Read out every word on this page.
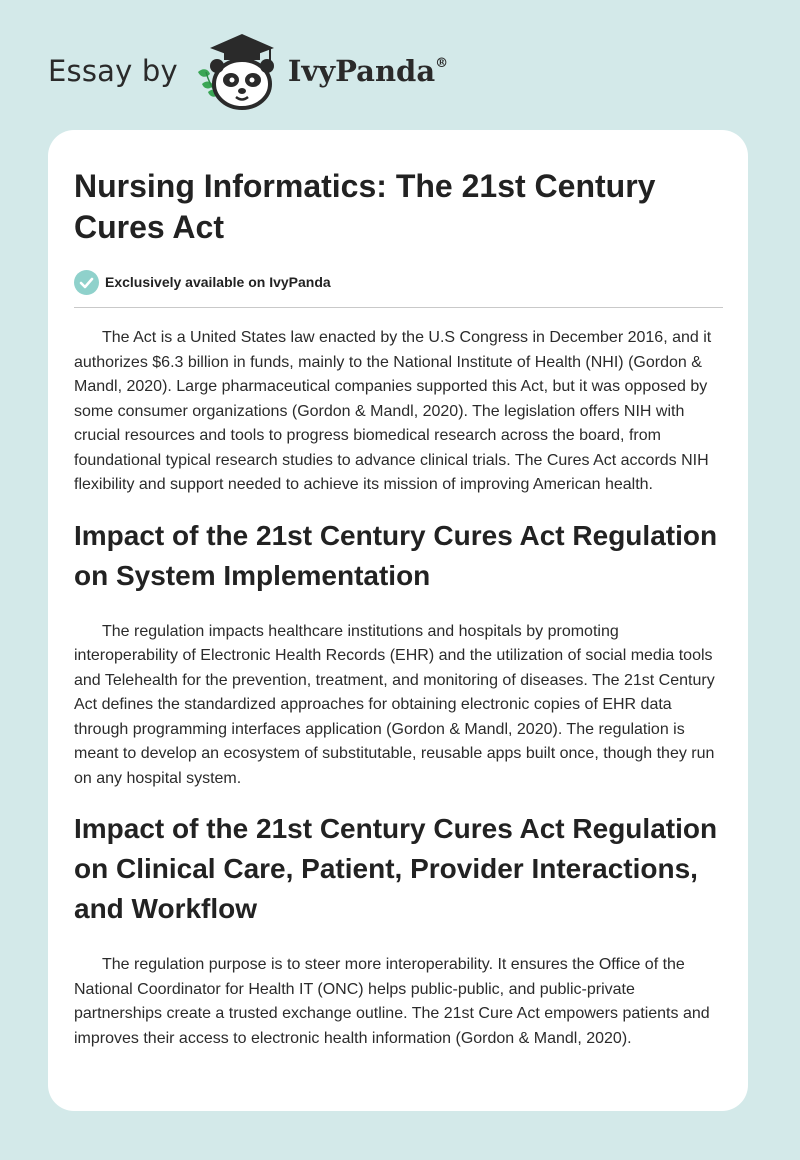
Essay by	IvyPanda®
Nursing Informatics: The 21st Century Cures Act
Exclusively available on IvyPanda

The Act is a United States law enacted by the U.S Congress in December 2016, and it authorizes $6.3 billion in funds, mainly to the National Institute of Health (NHI) (Gordon & Mandl, 2020). Large pharmaceutical companies supported this Act, but it was opposed by some consumer organizations (Gordon & Mandl, 2020). The legislation offers NIH with crucial resources and tools to progress biomedical research across the board, from foundational typical research studies to advance clinical trials. The Cures Act accords NIH flexibility and support needed to achieve its mission of improving American health.

Impact of the 21st Century Cures Act Regulation on System Implementation

The regulation impacts healthcare institutions and hospitals by promoting interoperability of Electronic Health Records (EHR) and the utilization of social media tools and Telehealth for the prevention, treatment, and monitoring of diseases. The 21st Century Act defines the standardized approaches for obtaining electronic copies of EHR data through programming interfaces application (Gordon & Mandl, 2020). The regulation is meant to develop an ecosystem of substitutable, reusable apps built once, though they run on any hospital system.

Impact of the 21st Century Cures Act Regulation on Clinical Care, Patient, Provider Interactions, and Workflow

The regulation purpose is to steer more interoperability. It ensures the Office of the National Coordinator for Health IT (ONC) helps public-public, and public-private partnerships create a trusted exchange outline. The 21st Cure Act empowers patients and improves their access to electronic health information (Gordon & Mandl, 2020).
